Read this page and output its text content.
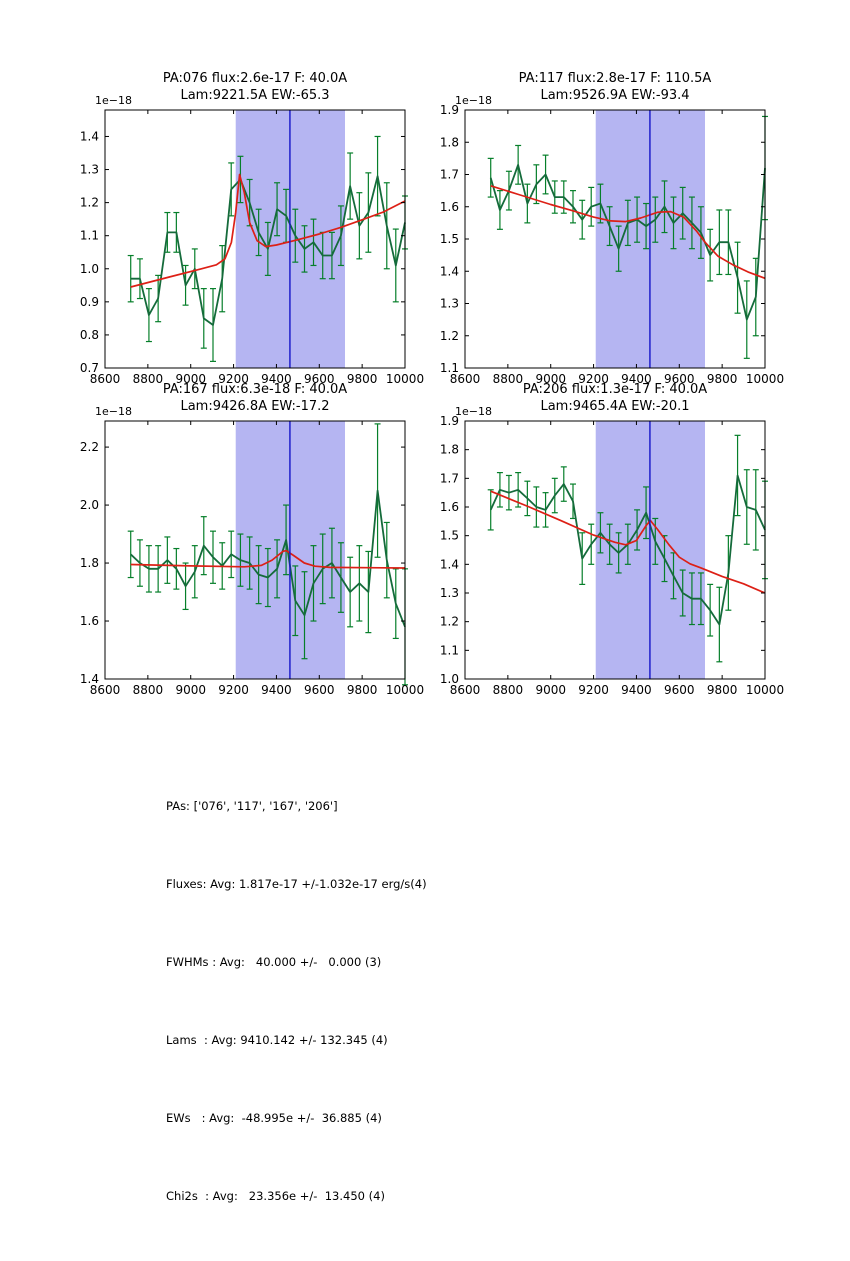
8600 8800 9000 9200 9400 9600 9800 10000
0.7
0.8
0.9
1.0
1.1
1.2
1.3
1.4
1e−18
PA:076 flux:2.6e-17 F: 40.0A
Lam:9221.5A EW:-65.3
8600 8800 9000 9200 9400 9600 9800 10000
1.1
1.2
1.3
1.4
1.5
1.6
1.7
1.8
1.9
1e−18
PA:117 flux:2.8e-17 F: 110.5A
Lam:9526.9A EW:-93.4
8600 8800 9000 9200 9400 9600 9800 10000
1.4
1.6
1.8
2.0
2.2
1e−18
PA:167 flux:6.3e-18 F: 40.0A
Lam:9426.8A EW:-17.2
8600 8800 9000 9200 9400 9600 9800 10000
1.0
1.1
1.2
1.3
1.4
1.5
1.6
1.7
1.8
1.9
1e−18
PA:206 flux:1.3e-17 F: 40.0A
Lam:9465.4A EW:-20.1

PAs: ['076', '117', '167', '206']

Fluxes: Avg: 1.817e-17 +/-1.032e-17 erg/s(4)

FWHMs : Avg:   40.000 +/-   0.000 (3)

Lams  : Avg: 9410.142 +/- 132.345 (4)

EWs   : Avg:  -48.995e +/-  36.885 (4)

Chi2s  : Avg:   23.356e +/-  13.450 (4)
